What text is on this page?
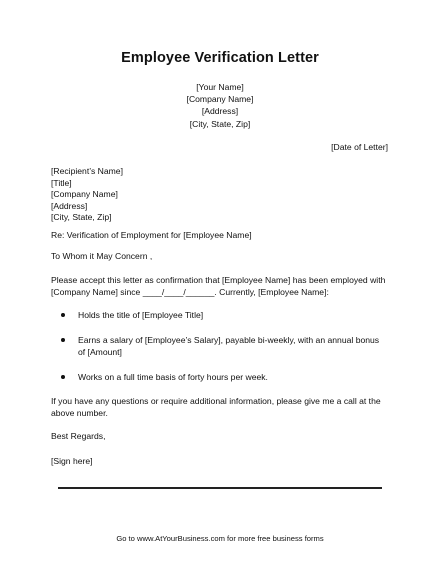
Employee Verification Letter
[Your Name]
[Company Name]
[Address]
[City, State, Zip]
[Date of Letter]
[Recipient’s Name]
[Title]
[Company Name]
[Address]
[City, State, Zip]
Re: Verification of Employment for [Employee Name]
To Whom it May Concern ,
Please accept this letter as confirmation that [Employee Name] has been employed with [Company Name] since ____/____/______. Currently, [Employee Name]:
Holds the title of [Employee Title]
Earns a salary of [Employee’s Salary], payable bi-weekly, with an annual bonus of [Amount]
Works on a full time basis of forty hours per week.
If you have any questions or require additional information, please give me a call at the above number.
Best Regards,
[Sign here]
Go to www.AtYourBusiness.com for more free business forms
